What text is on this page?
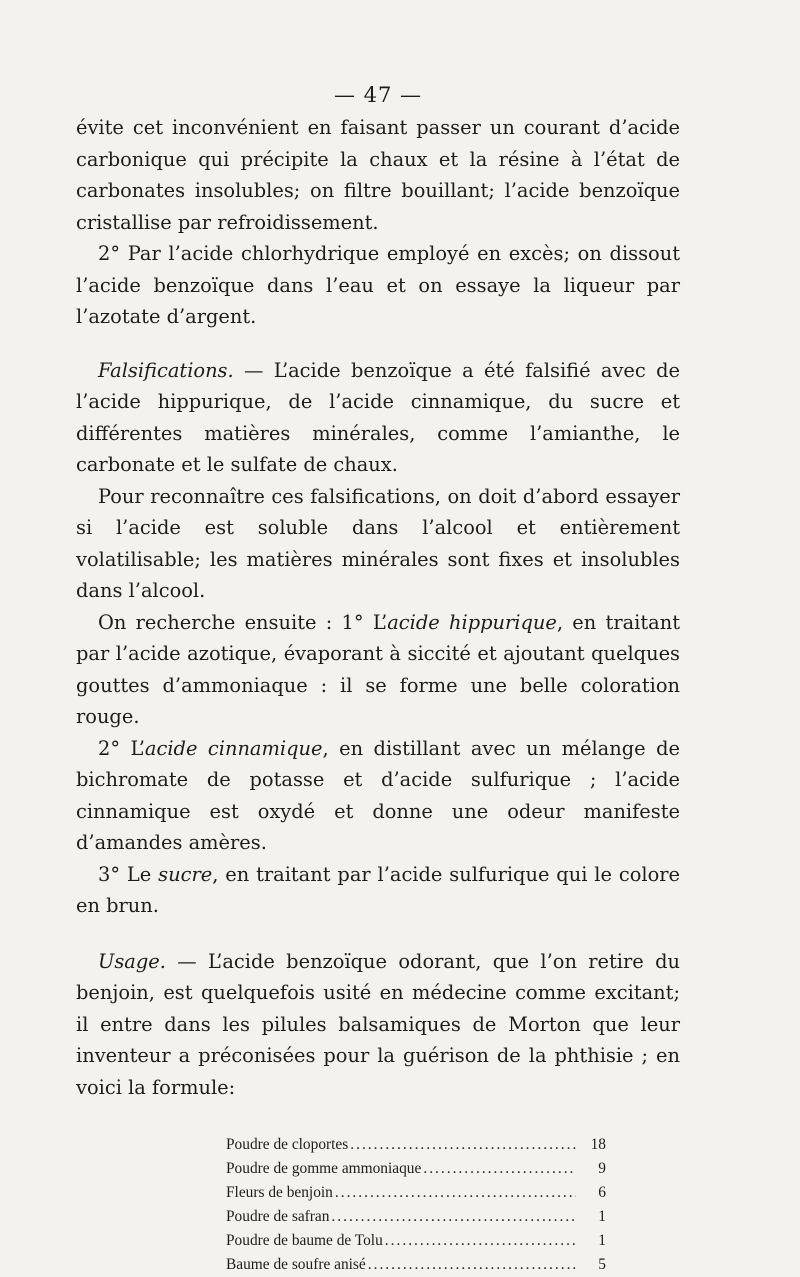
— 47 —

évite cet inconvénient en faisant passer un courant d’acide carbonique qui précipite la chaux et la résine à l’état de carbonates insolubles; on filtre bouillant; l’acide benzoïque cristallise par refroidissement.

2° Par l’acide chlorhydrique employé en excès; on dissout l’acide benzoïque dans l’eau et on essaye la liqueur par l’azotate d’argent.

Falsifications. — L’acide benzoïque a été falsifié avec de l’acide hippurique, de l’acide cinnamique, du sucre et différentes matières minérales, comme l’amianthe, le carbonate et le sulfate de chaux.

Pour reconnaître ces falsifications, on doit d’abord essayer si l’acide est soluble dans l’alcool et entièrement volatilisable; les matières minérales sont fixes et insolubles dans l’alcool.

On recherche ensuite : 1° L’acide hippurique, en traitant par l’acide azotique, évaporant à siccité et ajoutant quelques gouttes d’ammoniaque : il se forme une belle coloration rouge.

2° L’acide cinnamique, en distillant avec un mélange de bichromate de potasse et d’acide sulfurique ; l’acide cinnamique est oxydé et donne une odeur manifeste d’amandes amères.

3° Le sucre, en traitant par l’acide sulfurique qui le colore en brun.

Usage. — L’acide benzoïque odorant, que l’on retire du benjoin, est quelquefois usité en médecine comme excitant; il entre dans les pilules balsamiques de Morton que leur inventeur a préconisées pour la guérison de la phthisie ; en voici la formule:

Poudre de cloportes .....	18
Poudre de gomme ammoniaque .....	9
Fleurs de benjoin .....	6
Poudre de safran .....	1
Poudre de baume de Tolu .....	1
Baume de soufre anisé .....	5
